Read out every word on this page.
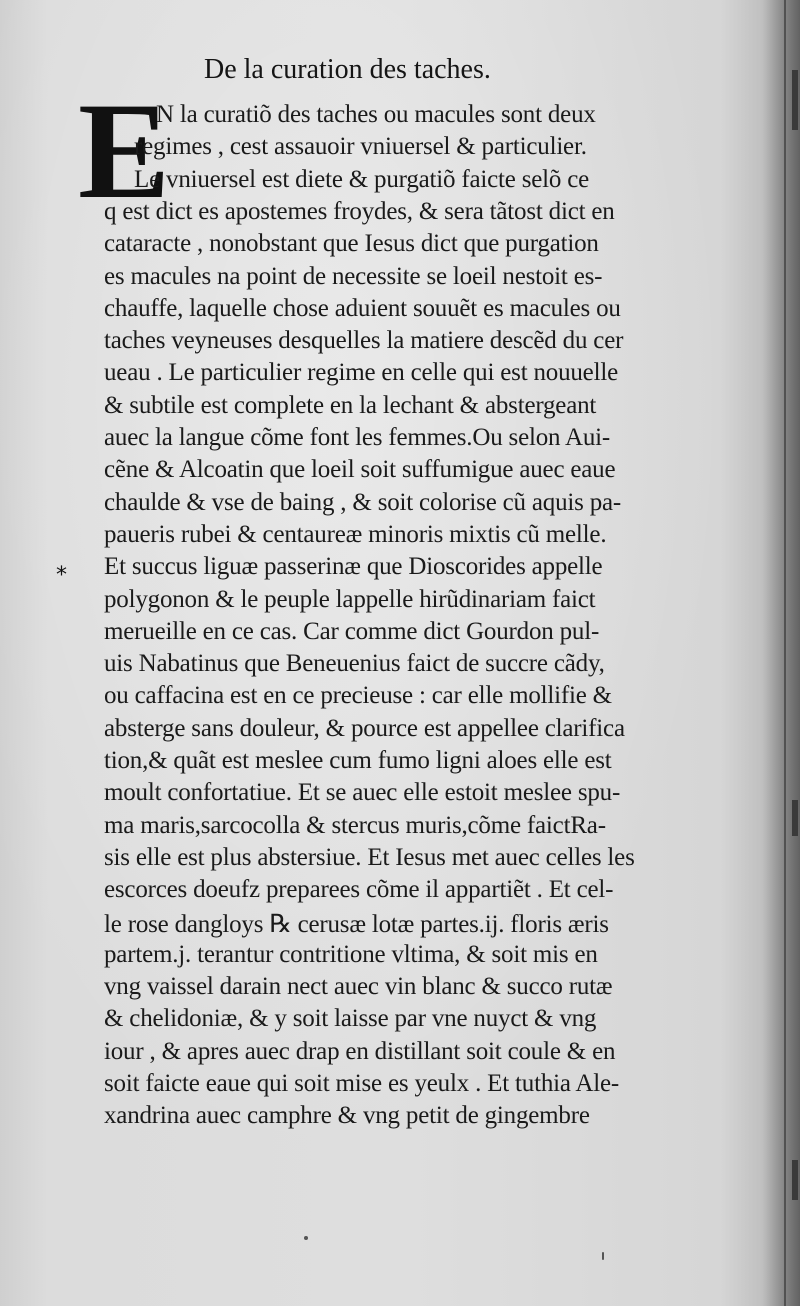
De la curation des taches.
E
*
N la curatiõ des taches ou macules sont deux
regimes , cest assauoir vniuersel & particulier.
Le vniuersel est diete & purgatiõ faicte selõ ce
q est dict es apostemes froydes, & sera tãtost dict en
cataracte , nonobstant que Iesus dict que purgation
es macules na point de necessite se loeil nestoit es-
chauffe, laquelle chose aduient souuẽt es macules ou
taches veyneuses desquelles la matiere descẽd du cer
ueau . Le particulier regime en celle qui est nouuelle
& subtile est complete en la lechant & abstergeant
auec la langue cõme font les femmes.Ou selon Aui-
cẽne & Alcoatin que loeil soit suffumigue auec eaue
chaulde & vse de baing , & soit colorise cũ aquis pa-
paueris rubei & centaureæ minoris mixtis cũ melle.
Et succus liguæ passerinæ que Dioscorides appelle
polygonon & le peuple lappelle hirũdinariam faict
merueille en ce cas. Car comme dict Gourdon pul-
uis Nabatinus que Beneuenius faict de succre cãdy,
ou caffacina est en ce precieuse : car elle mollifie &
absterge sans douleur, & pource est appellee clarifica
tion,& quãt est meslee cum fumo ligni aloes elle est
moult confortatiue. Et se auec elle estoit meslee spu-
ma maris,sarcocolla & stercus muris,cõme faictRa-
sis elle est plus abstersiue. Et Iesus met auec celles les
escorces doeufz preparees cõme il appartiẽt . Et cel-
le rose dangloys ℞ cerusæ lotæ partes.ij. floris æris
partem.j. terantur contritione vltima, & soit mis en
vng vaissel darain nect auec vin blanc & succo rutæ
& chelidoniæ, & y soit laisse par vne nuyct & vng
iour , & apres auec drap en distillant soit coule & en
soit faicte eaue qui soit mise es yeulx . Et tuthia Ale-
xandrina auec camphre & vng petit de gingembre
